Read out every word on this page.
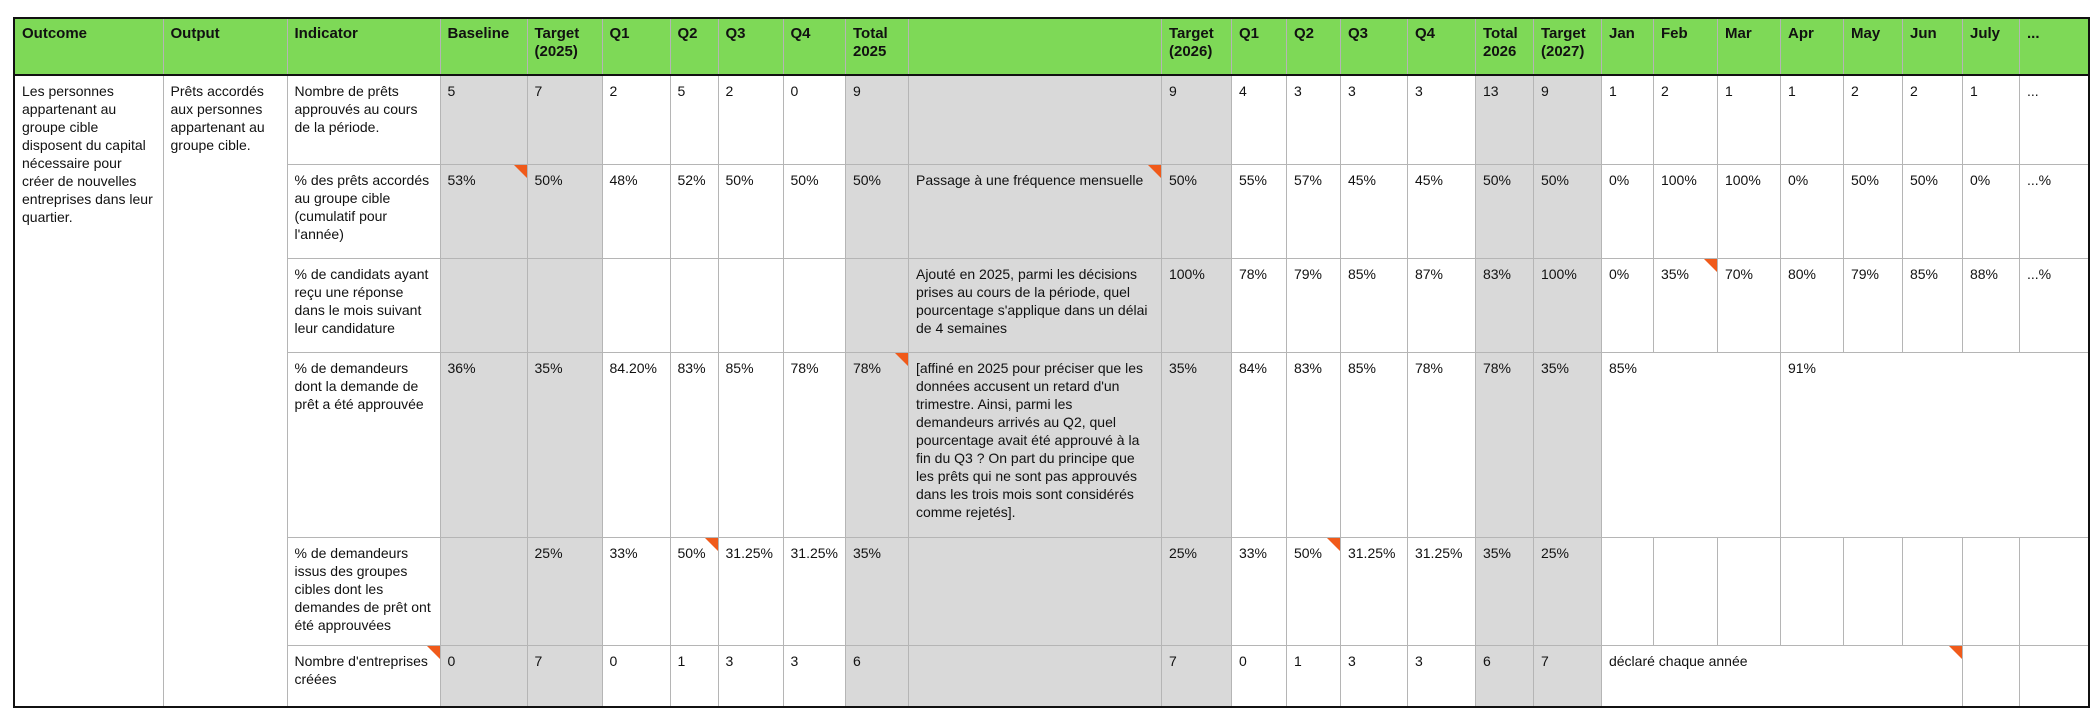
Outcome	Output	Indicator	Baseline	Target (2025)	Q1	Q2	Q3	Q4	Total 2025		Target (2026)	Q1	Q2	Q3	Q4	Total 2026	Target (2027)	Jan	Feb	Mar	Apr	May	Jun	July	...
Les personnes appartenant au groupe cible disposent du capital nécessaire pour créer de nouvelles entreprises dans leur quartier.	Prêts accordés aux personnes appartenant au groupe cible.	Nombre de prêts approuvés au cours de la période.	5	7	2	5	2	0	9		9	4	3	3	3	13	9	1	2	1	1	2	2	1	...
		% des prêts accordés au groupe cible (cumulatif pour l'année)	53%	50%	48%	52%	50%	50%	50%	Passage à une fréquence mensuelle	50%	55%	57%	45%	45%	50%	50%	0%	100%	100%	0%	50%	50%	0%	...%
		% de candidats ayant reçu une réponse dans le mois suivant leur candidature								Ajouté en 2025, parmi les décisions prises au cours de la période, quel pourcentage s'applique dans un délai de 4 semaines	100%	78%	79%	85%	87%	83%	100%	0%	35%	70%	80%	79%	85%	88%	...%
		% de demandeurs dont la demande de prêt a été approuvée	36%	35%	84.20%	83%	85%	78%	78%	[affiné en 2025 pour préciser que les données accusent un retard d'un trimestre. Ainsi, parmi les demandeurs arrivés au Q2, quel pourcentage avait été approuvé à la fin du Q3 ? On part du principe que les prêts qui ne sont pas approuvés dans les trois mois sont considérés comme rejetés].	35%	84%	83%	85%	78%	78%	35%	85%			91%				
		% de demandeurs issus des groupes cibles dont les demandes de prêt ont été approuvées		25%	33%	50%	31.25%	31.25%	35%		25%	33%	50%	31.25%	31.25%	35%	25%								
		Nombre d'entreprises créées	0	7	0	1	3	3	6		7	0	1	3	3	6	7	déclaré chaque année							
